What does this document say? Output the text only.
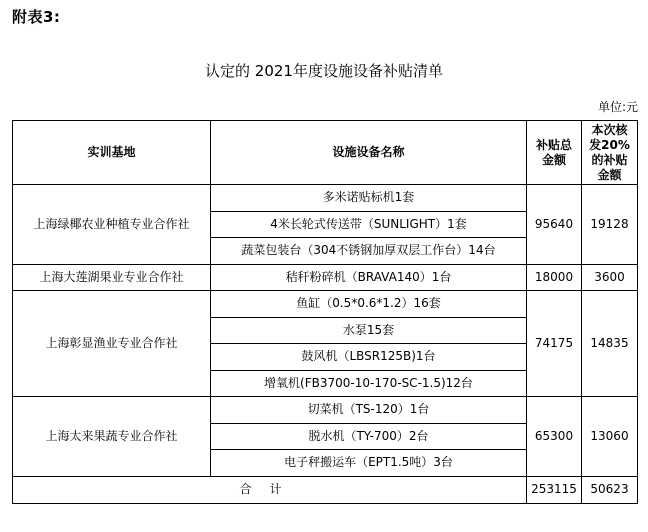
附表3:
认定的 2021年度设施设备补贴清单
单位:元
实训基地	设施设备名称	补贴总金额	本次核发20%的补贴金额
上海绿椰农业种植专业合作社	多米诺贴标机1套	95640	19128
	4米长轮式传送带（SUNLIGHT）1套		
	蔬菜包装台（304不锈钢加厚双层工作台）14台		
上海大莲湖果业专业合作社	秸秆粉碎机（BRAVA140）1台	18000	3600
上海彰显渔业专业合作社	鱼缸（0.5*0.6*1.2）16套	74175	14835
	水泵15套		
	鼓风机（LBSR125B)1台		
	增氧机(FB3700-10-170-SC-1.5)12台		
上海太来果蔬专业合作社	切菜机（TS-120）1台	65300	13060
	脱水机（TY-700）2台		
	电子秤搬运车（EPT1.5吨）3台		
合计		253115	50623
